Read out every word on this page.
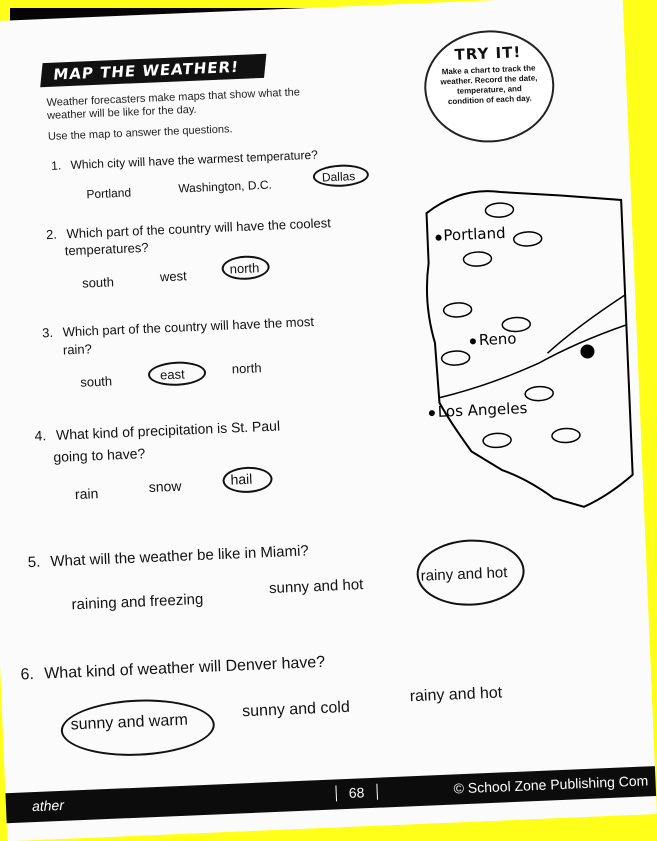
MAP THE WEATHER!
Weather forecasters make maps that show what the
weather will be like for the day.
Use the map to answer the questions.
TRY IT!
Make a chart to track the weather. Record the date, temperature, and condition of each day.
1. Which city will have the warmest temperature?
Portland	Washington, D.C.
Dallas
2. Which part of the country will have the coolest
temperatures?
south	west	north
3. Which part of the country will have the most
rain?
south	east	north
4. What kind of precipitation is St. Paul
going to have?
rain	snow	hail
5. What will the weather be like in Miami?
raining and freezing
sunny and hot
rainy and hot
6. What kind of weather will Denver have?
sunny and warm
sunny and cold
rainy and hot
Portland
Reno
Los Angeles
ather
68	© School Zone Publishing Com
